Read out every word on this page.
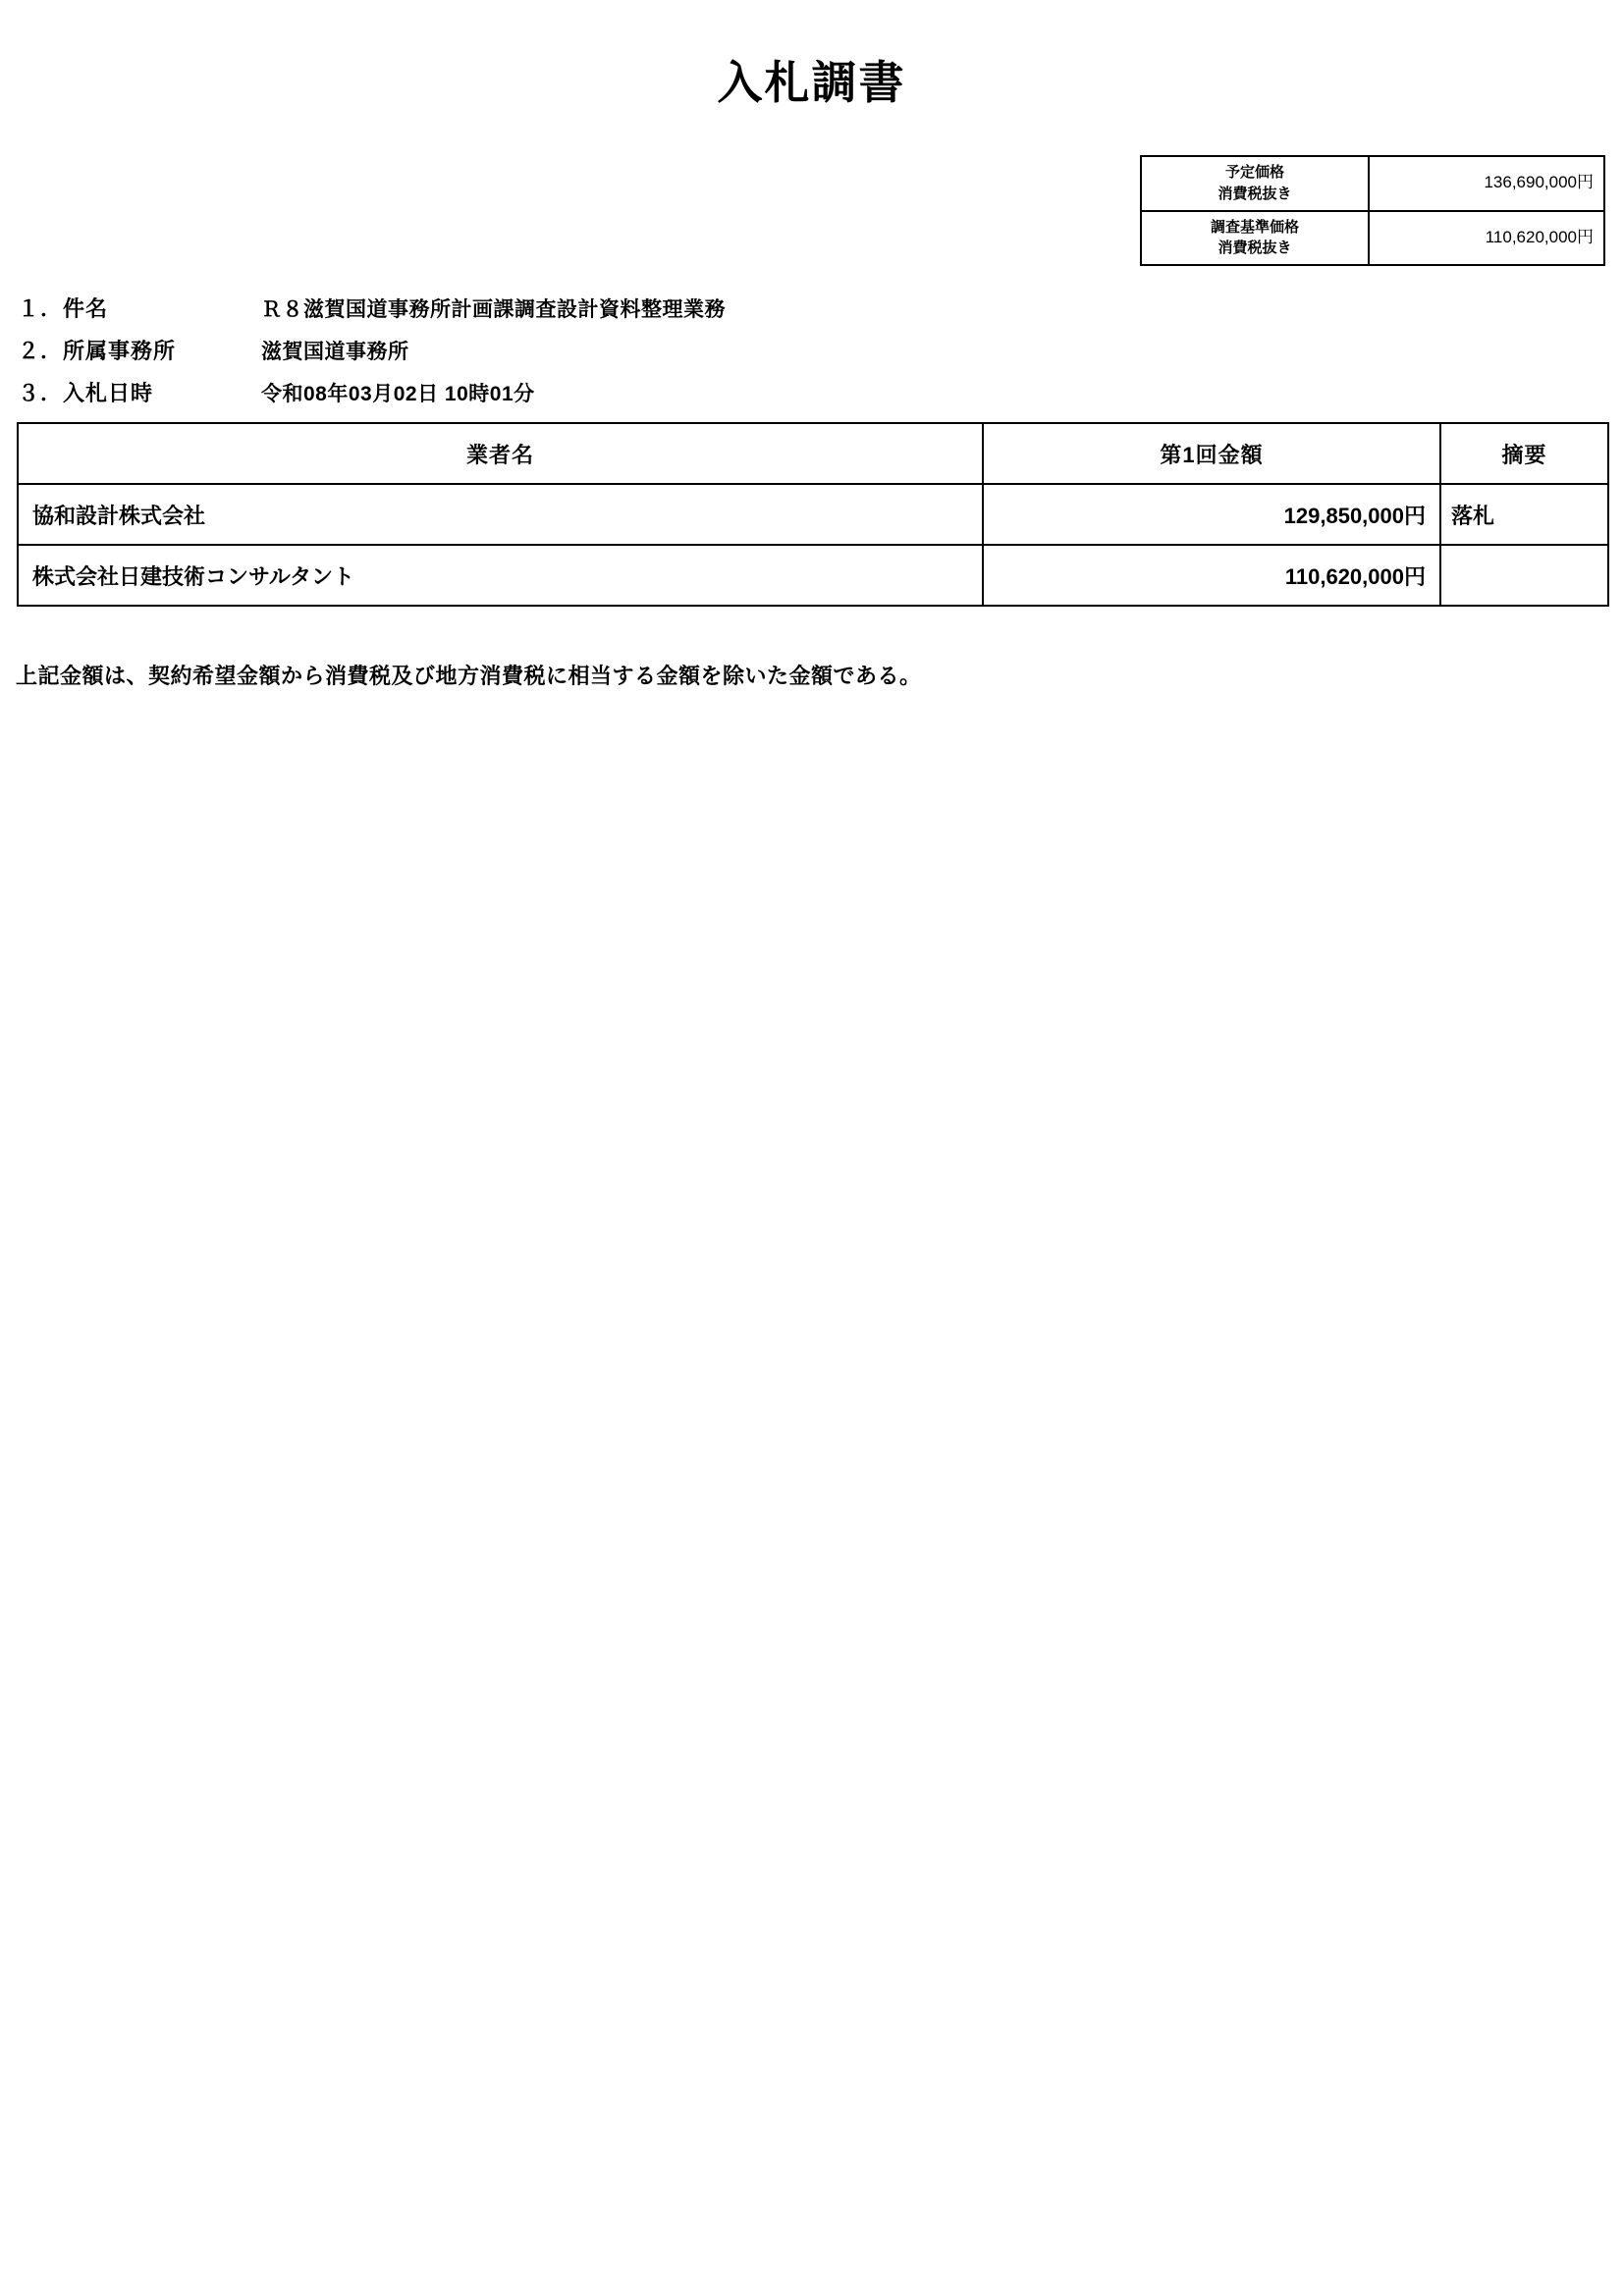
入札調書
予定価格
消費税抜き	136,690,000円

調査基準価格
消費税抜き	110,620,000円
１．件名	Ｒ８滋賀国道事務所計画課調査設計資料整理業務
２．所属事務所	滋賀国道事務所
３．入札日時	令和08年03月02日 10時01分
業者名	第1回金額	摘要
協和設計株式会社	129,850,000円	落札
株式会社日建技術コンサルタント	110,620,000円	
上記金額は、契約希望金額から消費税及び地方消費税に相当する金額を除いた金額である。
